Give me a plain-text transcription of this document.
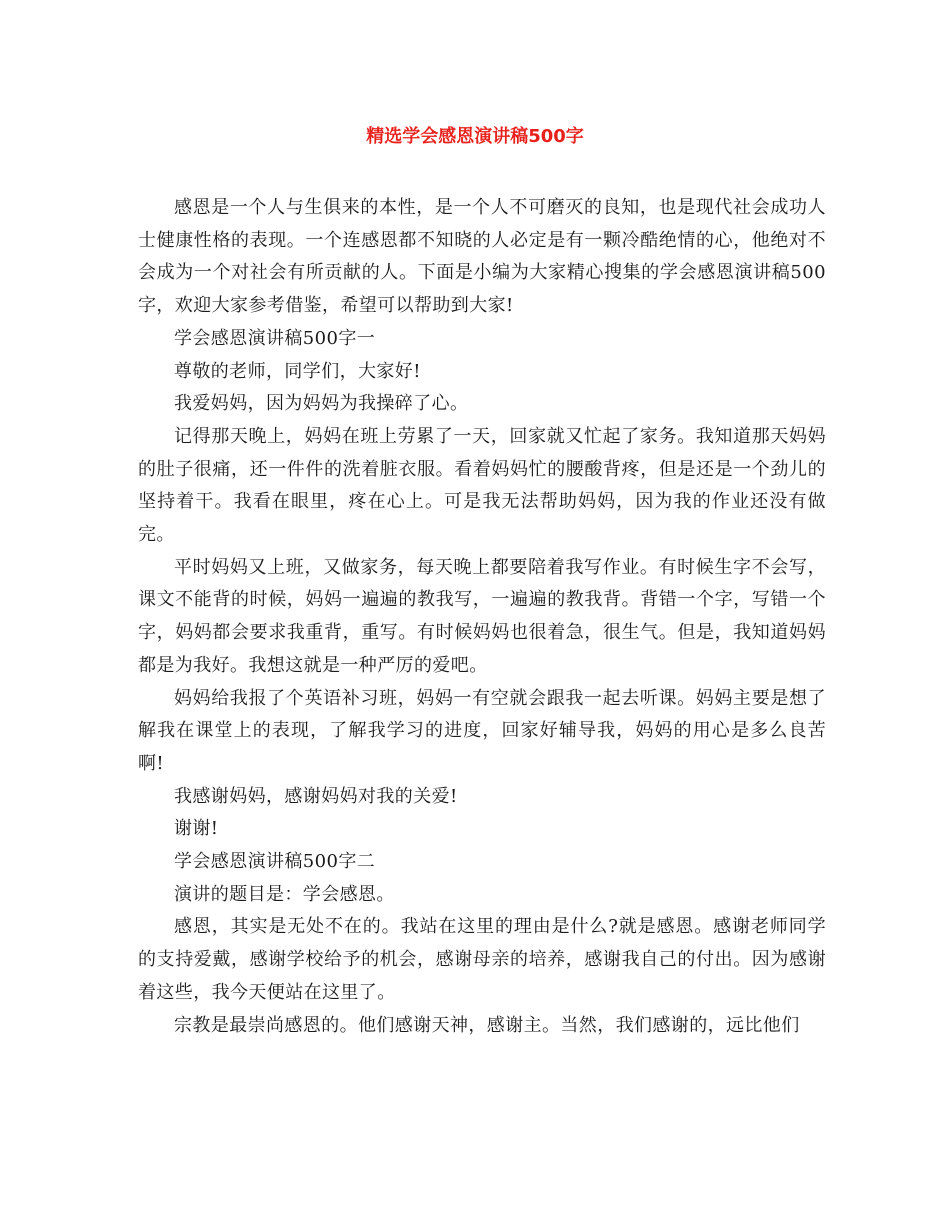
精选学会感恩演讲稿500字

感恩是一个人与生俱来的本性，是一个人不可磨灭的良知，也是现代社会成功人士健康性格的表现。一个连感恩都不知晓的人必定是有一颗冷酷绝情的心，他绝对不会成为一个对社会有所贡献的人。下面是小编为大家精心搜集的学会感恩演讲稿500字，欢迎大家参考借鉴，希望可以帮助到大家!

学会感恩演讲稿500字一

尊敬的老师，同学们，大家好!

我爱妈妈，因为妈妈为我操碎了心。

记得那天晚上，妈妈在班上劳累了一天，回家就又忙起了家务。我知道那天妈妈的肚子很痛，还一件件的洗着脏衣服。看着妈妈忙的腰酸背疼，但是还是一个劲儿的坚持着干。我看在眼里，疼在心上。可是我无法帮助妈妈，因为我的作业还没有做完。

平时妈妈又上班，又做家务，每天晚上都要陪着我写作业。有时候生字不会写，课文不能背的时候，妈妈一遍遍的教我写，一遍遍的教我背。背错一个字，写错一个字，妈妈都会要求我重背，重写。有时候妈妈也很着急，很生气。但是，我知道妈妈都是为我好。我想这就是一种严厉的爱吧。

妈妈给我报了个英语补习班，妈妈一有空就会跟我一起去听课。妈妈主要是想了解我在课堂上的表现，了解我学习的进度，回家好辅导我，妈妈的用心是多么良苦啊!

我感谢妈妈，感谢妈妈对我的关爱!

谢谢!

学会感恩演讲稿500字二

演讲的题目是：学会感恩。

感恩，其实是无处不在的。我站在这里的理由是什么?就是感恩。感谢老师同学的支持爱戴，感谢学校给予的机会，感谢母亲的培养，感谢我自己的付出。因为感谢着这些，我今天便站在这里了。

宗教是最崇尚感恩的。他们感谢天神，感谢主。当然，我们感谢的，远比他们
